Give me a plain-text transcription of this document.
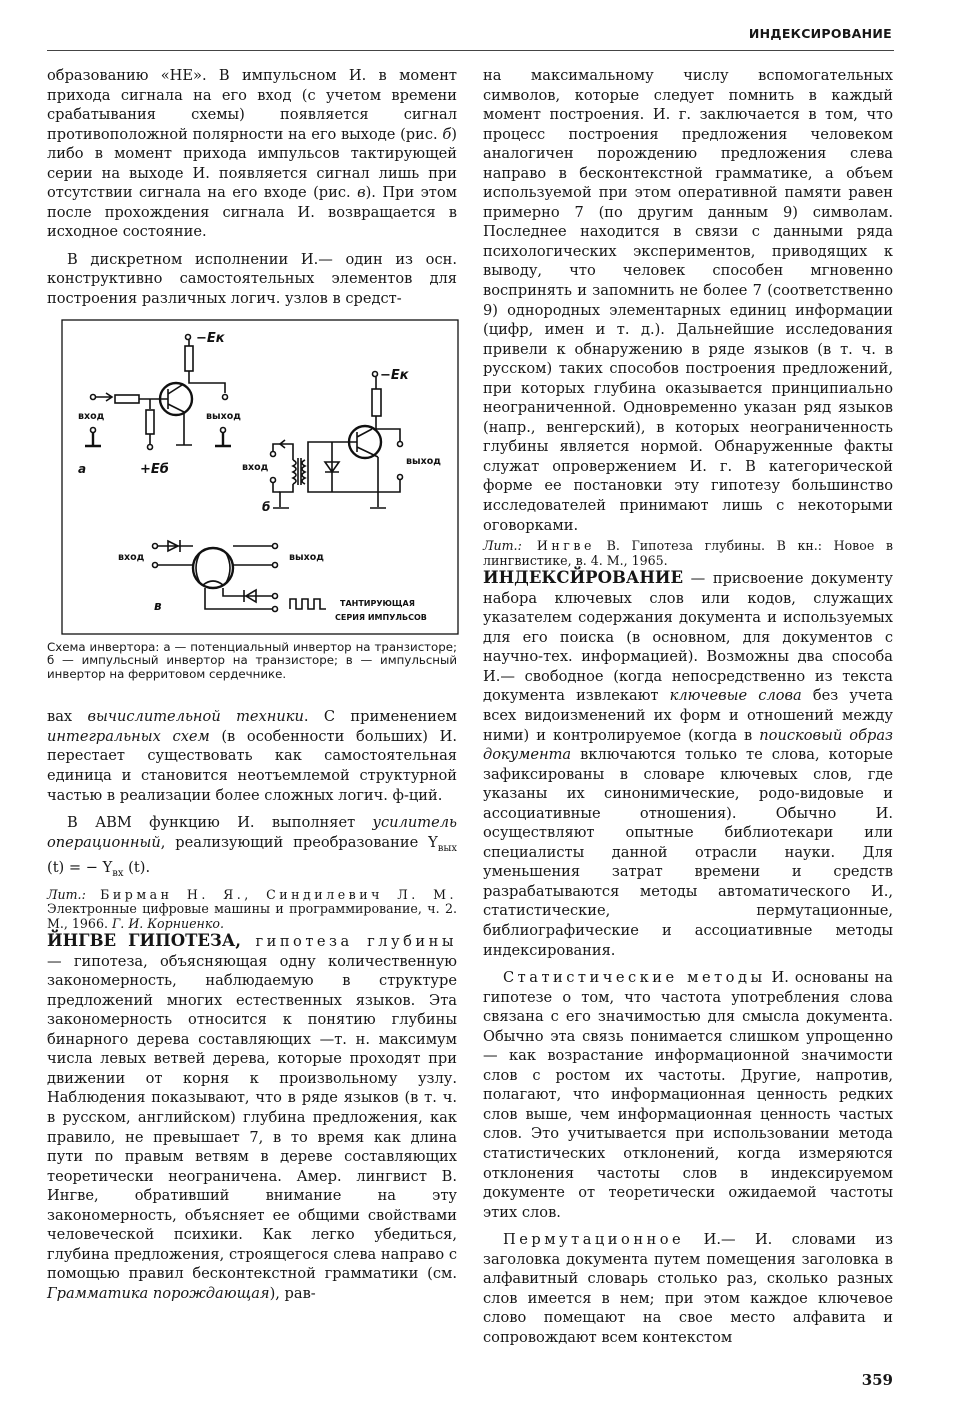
ИНДЕКСИРОВАНИЕ

образованию «НЕ». В импульсном И. в момент прихода сигнала на его вход (с учетом времени срабатывания схемы) появляется сигнал противоположной полярности на его выходе (рис. б) либо в момент прихода импульсов тактирующей серии на выходе И. появляется сигнал лишь при отсутствии сигнала на его входе (рис. в). При этом после прохождения сигнала И. возвращается в исходное состояние.

В дискретном исполнении И.— один из осн. конструктивно самостоятельных элементов для построения различных логич. узлов в средст-

−Eк
−Eк
+Eб
вход	выход
вход
выход
вход	выход
а
б
в	ТАНТИРУЮЩАЯ
СЕРИЯ ИМПУЛЬСОВ
Схема инвертора: а — потенциальный инвертор на транзисторе; б — импульсный инвертор на транзисторе; в — импульсный инвертор на ферритовом сердечнике.

вах вычислительной техники. С применением интегральных схем (в особенности больших) И. перестает существовать как самостоятельная единица и становится неотъемлемой структурной частью в реализации более сложных логич. ф-ций.

В АВМ функцию И. выполняет усилитель операционный, реализующий преобразование $Y_{вых}$ (t) = − $Y_{вх}$ (t).

Лит.: Бирман Н. Я., Синдилевич Л. М. Электронные цифровые машины и программирование, ч. 2. М., 1966. Г. И. Корниенко.

ЙНГВЕ ГИПОТЕЗА, гипотеза глубины — гипотеза, объясняющая одну количественную закономерность, наблюдаемую в структуре предложений многих естественных языков. Эта закономерность относится к понятию глубины бинарного дерева составляющих —т. н. максимум числа левых ветвей дерева, которые проходят при движении от корня к произвольному узлу. Наблюдения показывают, что в ряде языков (в т. ч. в русском, английском) глубина предложения, как правило, не превышает 7, в то время как длина пути по правым ветвям в дереве составляющих теоретически неограничена. Амер. лингвист В. Ингве, обративший внимание на эту закономерность, объясняет ее общими свойствами человеческой психики. Как легко убедиться, глубина предложения, строящегося слева направо с помощью правил бесконтекстной грамматики (см. Грамматика порождающая), рав-

на максимальному числу вспомогательных символов, которые следует помнить в каждый момент построения. И. г. заключается в том, что процесс построения предложения человеком аналогичен порождению предложения слева направо в бесконтекстной грамматике, а объем используемой при этом оперативной памяти равен примерно 7 (по другим данным 9) символам. Последнее находится в связи с данными ряда психологических экспериментов, приводящих к выводу, что человек способен мгновенно воспринять и запомнить не более 7 (соответственно 9) однородных элементарных единиц информации (цифр, имен и т. д.). Дальнейшие исследования привели к обнаружению в ряде языков (в т. ч. в русском) таких способов построения предложений, при которых глубина оказывается принципиально неограниченной. Одновременно указан ряд языков (напр., венгерский), в которых неограниченность глубины является нормой. Обнаруженные факты служат опровержением И. г. В категорической форме ее постановки эту гипотезу большинство исследователей принимают лишь с некоторыми оговорками.

Лит.: Ингве В. Гипотеза глубины. В кн.: Новое в лингвистике, в. 4. М., 1965.

ИНДЕКСЙРОВАНИЕ — присвоение документу набора ключевых слов или кодов, служащих указателем содержания документа и используемых для его поиска (в основном, для документов с научно-тех. информацией). Возможны два способа И.— свободное (когда непосредственно из текста документа извлекают ключевые слова без учета всех видоизменений их форм и отношений между ними) и контролируемое (когда в поисковый образ документа включаются только те слова, которые зафиксированы в словаре ключевых слов, где указаны их синонимические, родо-видовые и ассоциативные отношения). Обычно И. осуществляют опытные библиотекари или специалисты данной отрасли науки. Для уменьшения затрат времени и средств разрабатываются методы автоматического И., статистические, пермутационные, библиографические и ассоциативные методы индексирования.

Статистические методы И. основаны на гипотезе о том, что частота употребления слова связана с его значимостью для смысла документа. Обычно эта связь понимается слишком упрощенно — как возрастание информационной значимости слов с ростом их частоты. Другие, напротив, полагают, что информационная ценность редких слов выше, чем информационная ценность частых слов. Это учитывается при использовании метода статистических отклонений, когда измеряются отклонения частоты слов в индексируемом документе от теоретически ожидаемой частоты этих слов.

Пермутационное И.— И. словами из заголовка документа путем помещения заголовка в алфавитный словарь столько раз, сколько разных слов имеется в нем; при этом каждое ключевое слово помещают на свое место алфавита и сопровождают всем контекстом

359
